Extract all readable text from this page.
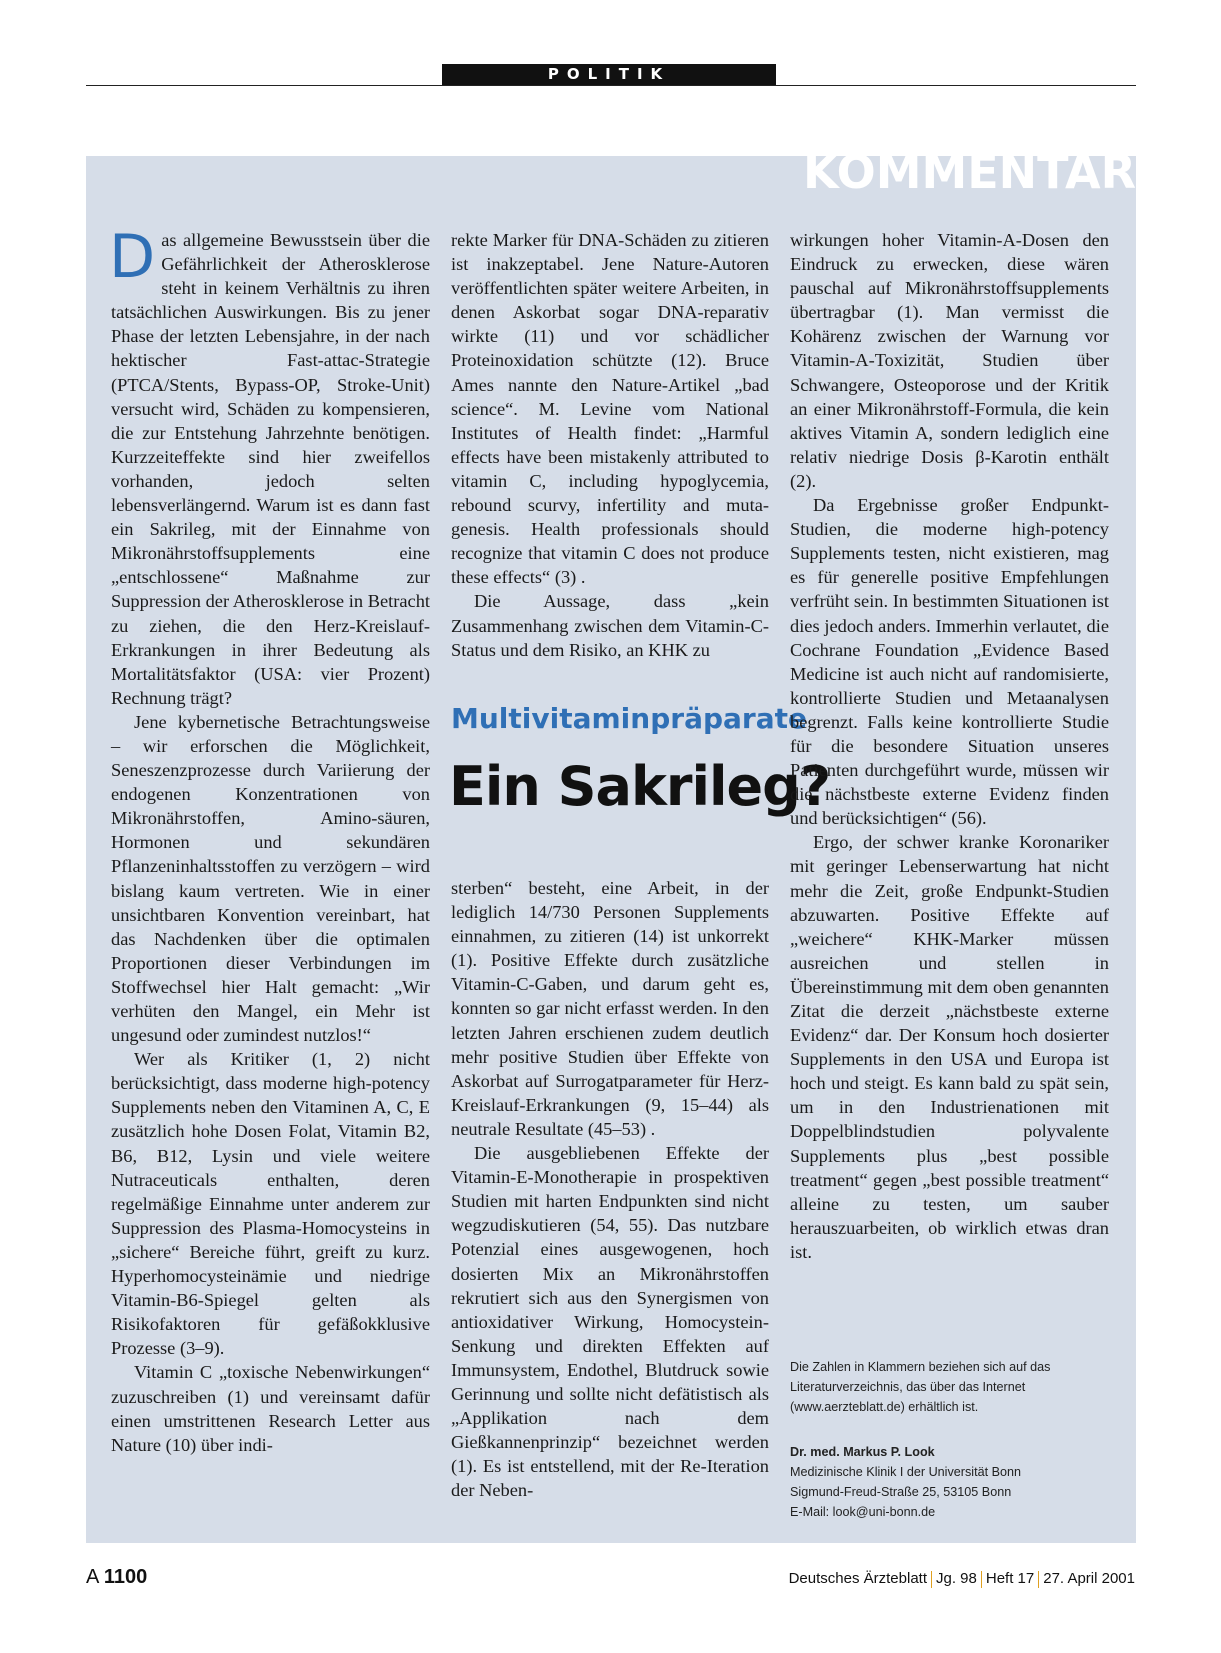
POLITIK
KOMMENTAR

Das allgemeine Bewusstsein über die Gefährlichkeit der Atherosklerose steht in keinem Verhältnis zu ihren tatsächlichen Auswirkungen. Bis zu jener Phase der letzten Lebensjahre, in der nach hektischer Fast-attac-Strategie (PTCA/Stents, Bypass-OP, Stroke-Unit) versucht wird, Schäden zu kompensieren, die zur Entstehung Jahrzehnte benötigen. Kurzzeiteffekte sind hier zweifellos vorhanden, jedoch selten lebensverlängernd. Warum ist es dann fast ein Sakrileg, mit der Einnahme von Mikronährstoffsupplements eine „entschlossene“ Maßnahme zur Suppression der Atherosklerose in Betracht zu ziehen, die den Herz-Kreislauf-Erkrankungen in ihrer Bedeutung als Mortalitätsfaktor (USA: vier Prozent) Rechnung trägt?

Jene kybernetische Betrachtungsweise – wir erforschen die Möglichkeit, Seneszenzprozesse durch Variierung der endogenen Konzentrationen von Mikronährstoffen, Amino-säuren, Hormonen und sekundären Pflanzeninhaltsstoffen zu verzögern – wird bislang kaum vertreten. Wie in einer unsichtbaren Konvention vereinbart, hat das Nachdenken über die optimalen Proportionen dieser Verbindungen im Stoffwechsel hier Halt gemacht: „Wir verhüten den Mangel, ein Mehr ist ungesund oder zumindest nutzlos!“

Wer als Kritiker (1, 2) nicht berücksichtigt, dass moderne high-potency Supplements neben den Vitaminen A, C, E zusätzlich hohe Dosen Folat, Vitamin B2, B6, B12, Lysin und viele weitere Nutraceuticals enthalten, deren regelmäßige Einnahme unter anderem zur Suppression des Plasma-Homocysteins in „sichere“ Bereiche führt, greift zu kurz. Hyperhomocysteinämie und niedrige Vitamin-B6-Spiegel gelten als Risikofaktoren für gefäßokklusive Prozesse (3–9).

Vitamin C „toxische Nebenwirkungen“ zuzuschreiben (1) und vereinsamt dafür einen umstrittenen Research Letter aus Nature (10) über indi-

rekte Marker für DNA-Schäden zu zitieren ist inakzeptabel. Jene Nature-Autoren veröffentlichten später weitere Arbeiten, in denen Askorbat sogar DNA-reparativ wirkte (11) und vor schädlicher Proteinoxidation schützte (12). Bruce Ames nannte den Nature-Artikel „bad science“. M. Levine vom National Institutes of Health findet: „Harmful effects have been mistakenly attributed to vitamin C, including hypoglycemia, rebound scurvy, infertility and muta-genesis. Health professionals should recognize that vitamin C does not produce these effects“ (3) .

Die Aussage, dass „kein Zusammenhang zwischen dem Vitamin-C-Status und dem Risiko, an KHK zu

Multivitaminpräparate
Ein Sakrileg?

sterben“ besteht, eine Arbeit, in der lediglich 14/730 Personen Supplements einnahmen, zu zitieren (14) ist unkorrekt (1). Positive Effekte durch zusätzliche Vitamin-C-Gaben, und darum geht es, konnten so gar nicht erfasst werden. In den letzten Jahren erschienen zudem deutlich mehr positive Studien über Effekte von Askorbat auf Surrogatparameter für Herz-Kreislauf-Erkrankungen (9, 15–44) als neutrale Resultate (45–53) .

Die ausgebliebenen Effekte der Vitamin-E-Monotherapie in prospektiven Studien mit harten Endpunkten sind nicht wegzudiskutieren (54, 55). Das nutzbare Potenzial eines ausgewogenen, hoch dosierten Mix an Mikronährstoffen rekrutiert sich aus den Synergismen von antioxidativer Wirkung, Homocystein-Senkung und direkten Effekten auf Immunsystem, Endothel, Blutdruck sowie Gerinnung und sollte nicht defätistisch als „Applikation nach dem Gießkannenprinzip“ bezeichnet werden (1). Es ist entstellend, mit der Re-Iteration der Neben-

wirkungen hoher Vitamin-A-Dosen den Eindruck zu erwecken, diese wären pauschal auf Mikronährstoffsupplements übertragbar (1). Man vermisst die Kohärenz zwischen der Warnung vor Vitamin-A-Toxizität, Studien über Schwangere, Osteoporose und der Kritik an einer Mikronährstoff-Formula, die kein aktives Vitamin A, sondern lediglich eine relativ niedrige Dosis β-Karotin enthält (2).

Da Ergebnisse großer Endpunkt-Studien, die moderne high-potency Supplements testen, nicht existieren, mag es für generelle positive Empfehlungen verfrüht sein. In bestimmten Situationen ist dies jedoch anders. Immerhin verlautet, die Cochrane Foundation „Evidence Based Medicine ist auch nicht auf randomisierte, kontrollierte Studien und Metaanalysen begrenzt. Falls keine kontrollierte Studie für die besondere Situation unseres Patienten durchgeführt wurde, müssen wir die nächstbeste externe Evidenz finden und berücksichtigen“ (56).

Ergo, der schwer kranke Koronariker mit geringer Lebenserwartung hat nicht mehr die Zeit, große Endpunkt-Studien abzuwarten. Positive Effekte auf „weichere“ KHK-Marker müssen ausreichen und stellen in Übereinstimmung mit dem oben genannten Zitat die derzeit „nächstbeste externe Evidenz“ dar. Der Konsum hoch dosierter Supplements in den USA und Europa ist hoch und steigt. Es kann bald zu spät sein, um in den Industrienationen mit Doppelblindstudien polyvalente Supplements plus „best possible treatment“ gegen „best possible treatment“ alleine zu testen, um sauber herauszuarbeiten, ob wirklich etwas dran ist.

Die Zahlen in Klammern beziehen sich auf das Literaturverzeichnis, das über das Internet (www.aerzteblatt.de) erhältlich ist.
Dr. med. Markus P. Look
Medizinische Klinik I der Universität Bonn
Sigmund-Freud-Straße 25, 53105 Bonn
E-Mail: look@uni-bonn.de
A 1100	Deutsches Ärzteblatt Jg. 98 Heft 17 27. April 2001
